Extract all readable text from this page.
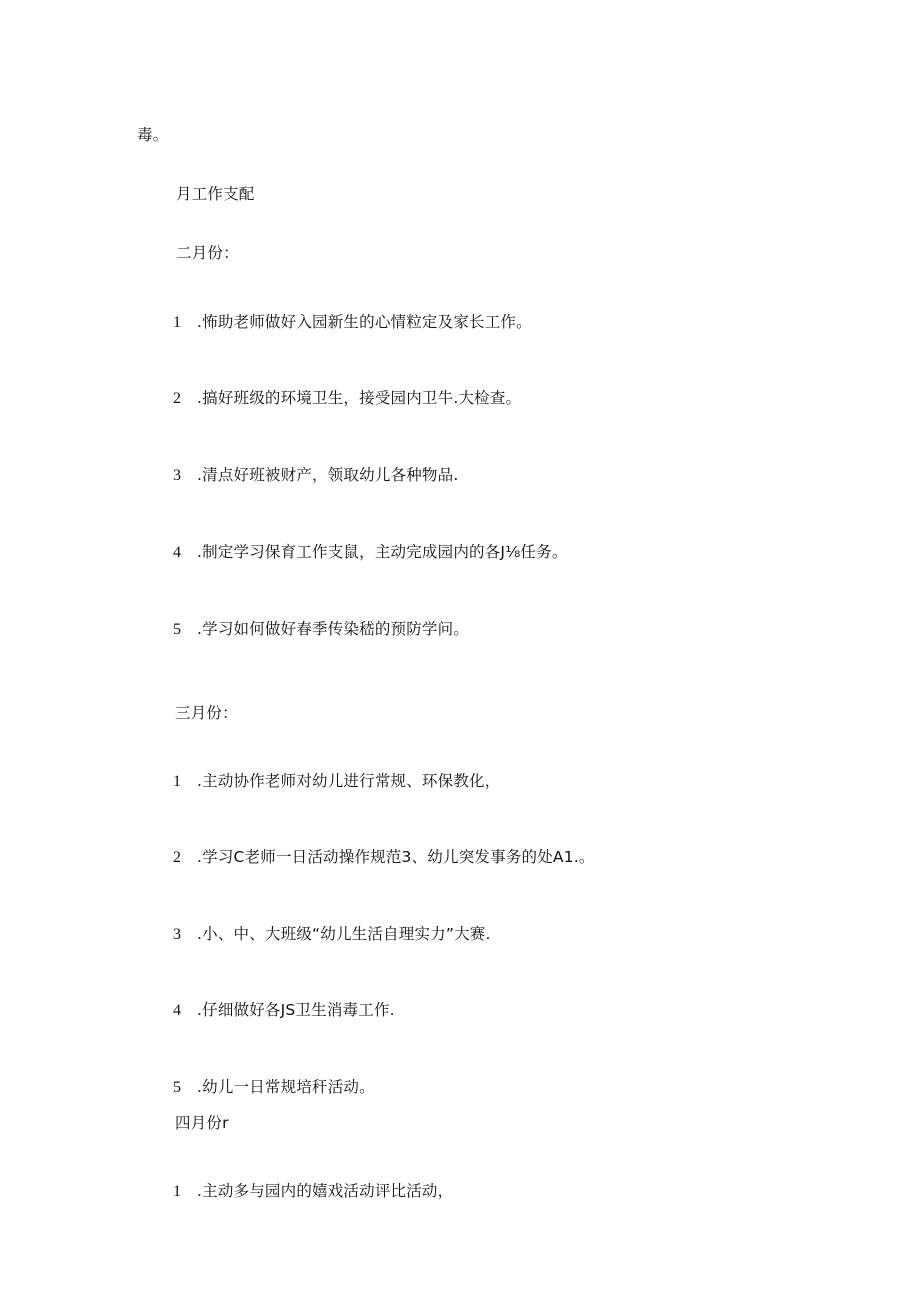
毒。
月工作支配
二月份：
1 .怖助老师做好入园新生的心情粒定及家长工作。
2 .搞好班级的环境卫生，接受园内卫牛.大检查。
3 .清点好班被财产，领取幼儿各种物品.
4 .制定学习保育工作支鼠，主动完成园内的各J⅛任务。
5 .学习如何做好春季传染嵇的预防学问。
三月份：
1 .主动协作老师对幼儿进行常规、环保教化，
2 .学习C老师一日活动操作规范3、幼儿突发事务的处A1.。
3 .小、中、大班级“幼儿生活自理实力”大赛.
4 .仔细做好各JS卫生消毒工作.
5 .幼儿一日常规培秆活动。
四月份r
1 .主动多与园内的嬉戏活动评比活动，
